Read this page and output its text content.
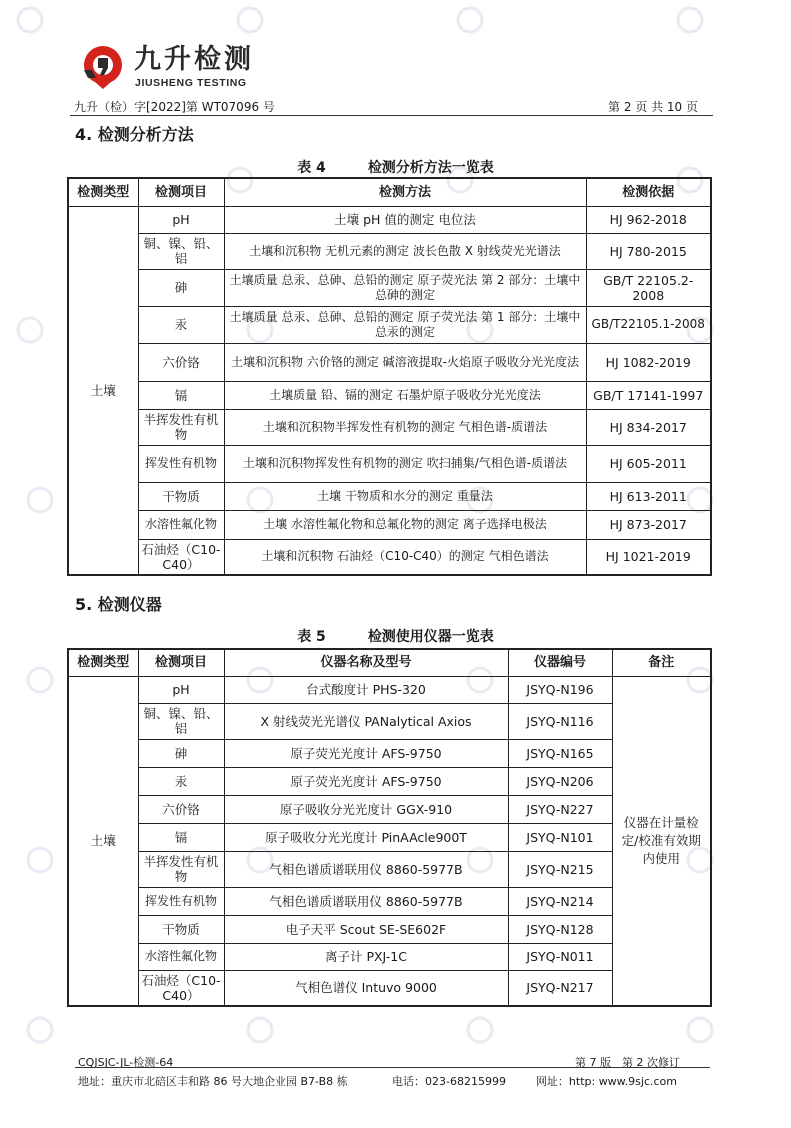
九升检测
JIUSHENG TESTING
九升（检）字[2022]第 WT07096 号	第 2 页 共 10 页
4. 检测分析方法
表 4	检测分析方法一览表
检测类型	检测项目	检测方法	检测依据
土壤	pH	土壤 pH 值的测定 电位法	HJ 962-2018
	铜、镍、铅、铝	土壤和沉积物 无机元素的测定 波长色散 X 射线荧光光谱法	HJ 780-2015
	砷	土壤质量 总汞、总砷、总铅的测定 原子荧光法 第 2 部分：土壤中总砷的测定	GB/T 22105.2-2008
	汞	土壤质量 总汞、总砷、总铅的测定 原子荧光法 第 1 部分：土壤中总汞的测定	GB/T22105.1-2008
	六价铬	土壤和沉积物 六价铬的测定 碱溶液提取-火焰原子吸收分光光度法	HJ 1082-2019
	镉	土壤质量 铅、镉的测定 石墨炉原子吸收分光光度法	GB/T 17141-1997
	半挥发性有机物	土壤和沉积物半挥发性有机物的测定 气相色谱-质谱法	HJ 834-2017
	挥发性有机物	土壤和沉积物挥发性有机物的测定 吹扫捕集/气相色谱-质谱法	HJ 605-2011
	干物质	土壤 干物质和水分的测定 重量法	HJ 613-2011
	水溶性氟化物	土壤 水溶性氟化物和总氟化物的测定 离子选择电极法	HJ 873-2017
	石油烃（C10-C40）	土壤和沉积物 石油烃（C10-C40）的测定 气相色谱法	HJ 1021-2019
5. 检测仪器
表 5	检测使用仪器一览表
检测类型	检测项目	仪器名称及型号	仪器编号	备注
土壤	pH	台式酸度计 PHS-320	JSYQ-N196	仪器在计量检定/校准有效期内使用
	铜、镍、铅、铝	X 射线荧光光谱仪 PANalytical Axios	JSYQ-N116	
	砷	原子荧光光度计 AFS-9750	JSYQ-N165	
	汞	原子荧光光度计 AFS-9750	JSYQ-N206	
	六价铬	原子吸收分光光度计 GGX-910	JSYQ-N227	
	镉	原子吸收分光光度计 PinAAcle900T	JSYQ-N101	
	半挥发性有机物	气相色谱质谱联用仪 8860-5977B	JSYQ-N215	
	挥发性有机物	气相色谱质谱联用仪 8860-5977B	JSYQ-N214	
	干物质	电子天平 Scout SE-SE602F	JSYQ-N128	
	水溶性氟化物	离子计 PXJ-1C	JSYQ-N011	
	石油烃（C10-C40）	气相色谱仪 Intuvo 9000	JSYQ-N217	
CQJSJC-JL-检测-64	第 7 版　第 2 次修订
地址：重庆市北碚区丰和路 86 号大地企业园 B7-B8 栋	电话：023-68215999	网址：http: www.9sjc.com
